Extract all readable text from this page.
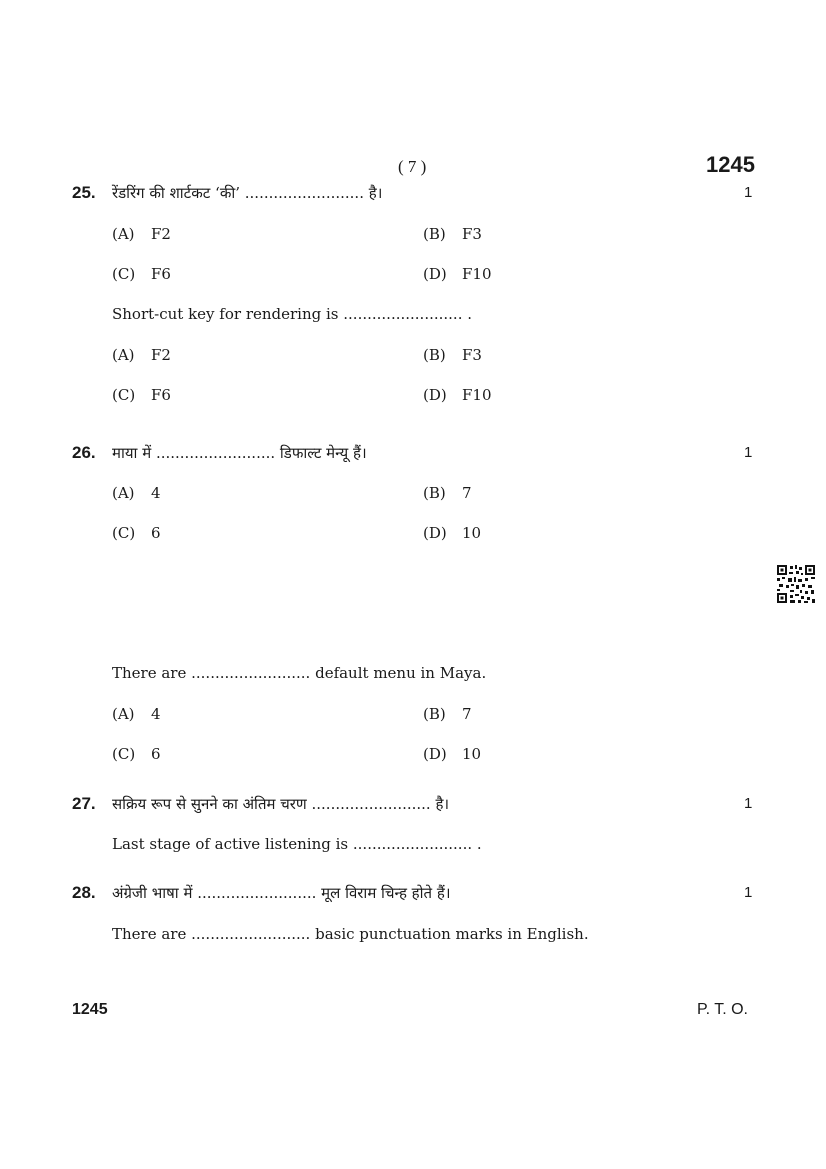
( 7 )	1245
25. रेंडरिंग की शार्टकट ‘की’ ......................... है।	1
(A) F2	(B) F3
(C) F6	(D) F10
Short-cut key for rendering is ......................... .
(A) F2	(B) F3
(C) F6	(D) F10
26. माया में ......................... डिफाल्ट मेन्यू हैं।	1
(A) 4	(B) 7
(C) 6	(D) 10
There are ......................... default menu in Maya.
(A) 4	(B) 7
(C) 6	(D) 10
27. सक्रिय रूप से सुनने का अंतिम चरण ......................... है।	1
Last stage of active listening is ......................... .
28. अंग्रेजी भाषा में ......................... मूल विराम चिन्ह होते हैं।	1
There are ......................... basic punctuation marks in English.
1245	P. T. O.
